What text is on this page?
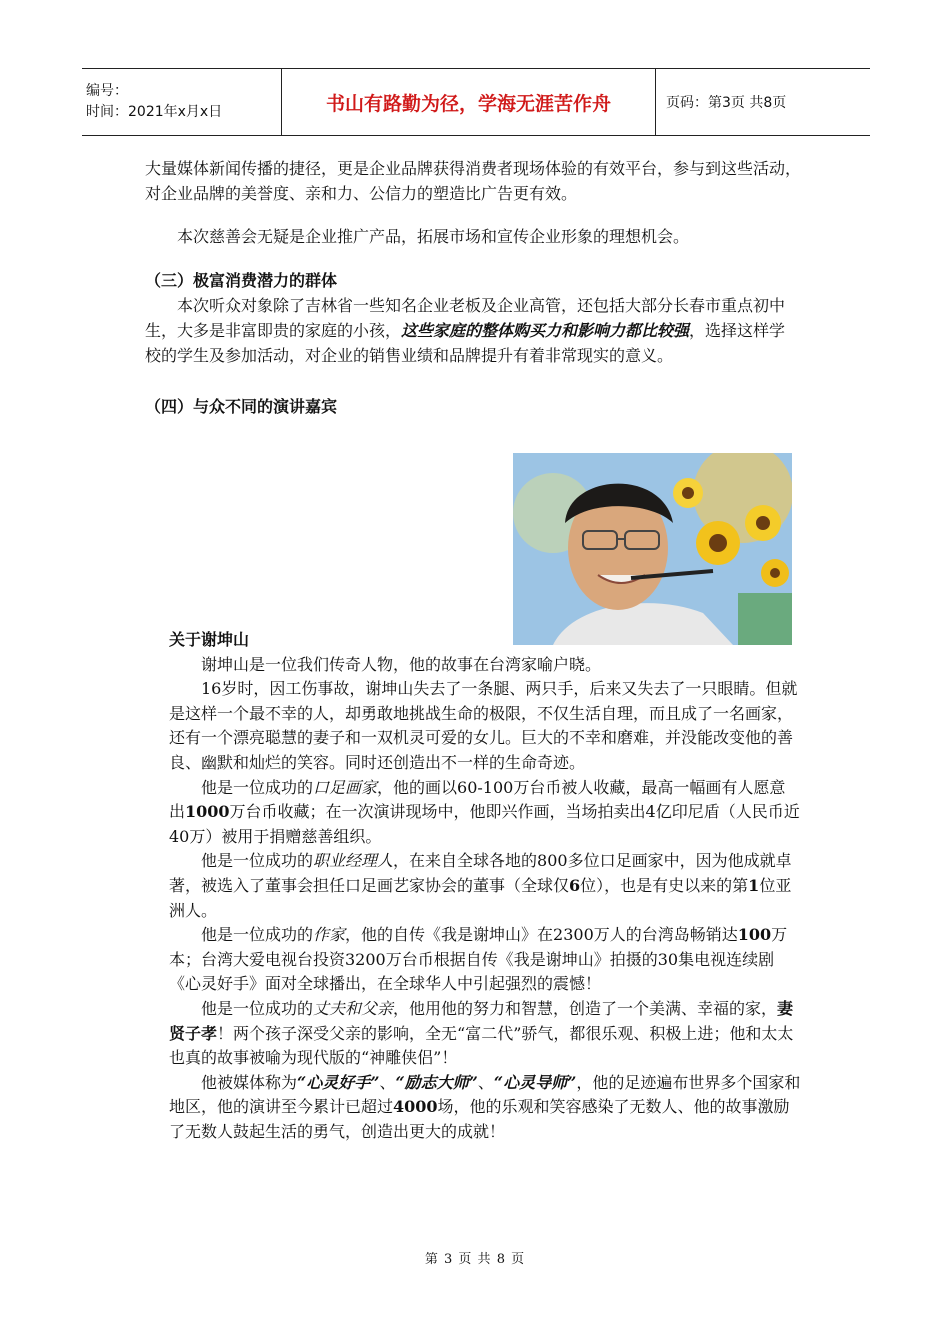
编号：
时间：2021年x月x日	书山有路勤为径，学海无涯苦作舟	页码：第3页 共8页

大量媒体新闻传播的捷径，更是企业品牌获得消费者现场体验的有效平台，参与到这些活动，对企业品牌的美誉度、亲和力、公信力的塑造比广告更有效。

本次慈善会无疑是企业推广产品，拓展市场和宣传企业形象的理想机会。

（三）极富消费潜力的群体

本次听众对象除了吉林省一些知名企业老板及企业高管，还包括大部分长春市重点初中生，大多是非富即贵的家庭的小孩，这些家庭的整体购买力和影响力都比较强，选择这样学校的学生及参加活动，对企业的销售业绩和品牌提升有着非常现实的意义。

（四）与众不同的演讲嘉宾

关于谢坤山

谢坤山是一位我们传奇人物，他的故事在台湾家喻户晓。

16岁时，因工伤事故，谢坤山失去了一条腿、两只手，后来又失去了一只眼睛。但就是这样一个最不幸的人，却勇敢地挑战生命的极限，不仅生活自理，而且成了一名画家，还有一个漂亮聪慧的妻子和一双机灵可爱的女儿。巨大的不幸和磨难，并没能改变他的善良、幽默和灿烂的笑容。同时还创造出不一样的生命奇迹。

他是一位成功的口足画家，他的画以60-100万台币被人收藏，最高一幅画有人愿意出1000万台币收藏；在一次演讲现场中，他即兴作画，当场拍卖出4亿印尼盾（人民币近40万）被用于捐赠慈善组织。

他是一位成功的职业经理人，在来自全球各地的800多位口足画家中，因为他成就卓著，被选入了董事会担任口足画艺家协会的董事（全球仅6位），也是有史以来的第1位亚洲人。

他是一位成功的作家，他的自传《我是谢坤山》在2300万人的台湾岛畅销达100万本；台湾大爱电视台投资3200万台币根据自传《我是谢坤山》拍摄的30集电视连续剧《心灵好手》面对全球播出，在全球华人中引起强烈的震憾！

他是一位成功的丈夫和父亲，他用他的努力和智慧，创造了一个美满、幸福的家，妻贤子孝！两个孩子深受父亲的影响，全无“富二代”骄气，都很乐观、积极上进；他和太太也真的故事被喻为现代版的“神雕侠侣”！

他被媒体称为“心灵好手”、“励志大师”、“心灵导师”，他的足迹遍布世界多个国家和地区，他的演讲至今累计已超过4000场，他的乐观和笑容感染了无数人、他的故事激励了无数人鼓起生活的勇气，创造出更大的成就！

第 3 页 共 8 页
